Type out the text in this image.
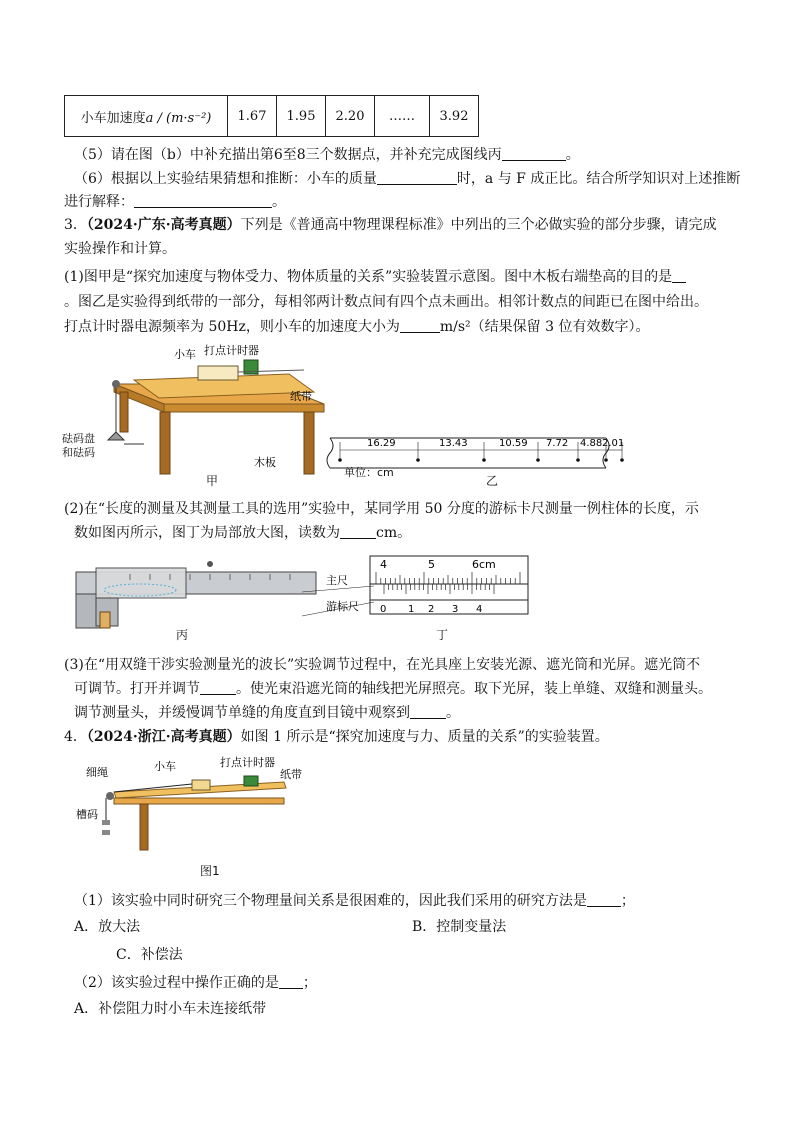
小车加速度a / (m·s⁻²)	1.67	1.95	2.20	……	3.92
（5）请在图（b）中补充描出第6至8三个数据点，并补充完成图线丙	。
（6）根据以上实验结果猜想和推断：小车的质量	时，a 与 F 成正比。结合所学知识对上述推断
进行解释：	。
3．（2024·广东·高考真题）下列是《普通高中物理课程标准》中列出的三个必做实验的部分步骤，请完成
实验操作和计算。
(1)图甲是“探究加速度与物体受力、物体质量的关系”实验装置示意图。图中木板右端垫高的目的是
。图乙是实验得到纸带的一部分，每相邻两计数点间有四个点未画出。相邻计数点的间距已在图中给出。
打点计时器电源频率为 50Hz，则小车的加速度大小为	m/s²（结果保留 3 位有效数字）。
小车 打点计时器
纸带
木板
砝码盘
和砝码
甲
16.29	13.43	10.59 7.72 4.88 2.01
单位：cm
乙
(2)在“长度的测量及其测量工具的选用”实验中，某同学用 50 分度的游标卡尺测量一例柱体的长度，示
数如图丙所示，图丁为局部放大图，读数为	cm。
丙
主尺
游标尺
4	5	6cm
0 1 2 3 4
丁
(3)在“用双缝干涉实验测量光的波长”实验调节过程中，在光具座上安装光源、遮光筒和光屏。遮光筒不
可调节。打开并调节	。使光束沿遮光筒的轴线把光屏照亮。取下光屏，装上单缝、双缝和测量头。
调节测量头，并缓慢调节单缝的角度直到目镜中观察到	。
4．（2024·浙江·高考真题）如图 1 所示是“探究加速度与力、质量的关系”的实验装置。
细绳	小车	打点计时器
纸带
槽码
图1
（1）该实验中同时研究三个物理量间关系是很困难的，因此我们采用的研究方法是 ；
A．放大法	B．控制变量法
C．补偿法
（2）该实验过程中操作正确的是 ；
A．补偿阻力时小车未连接纸带
